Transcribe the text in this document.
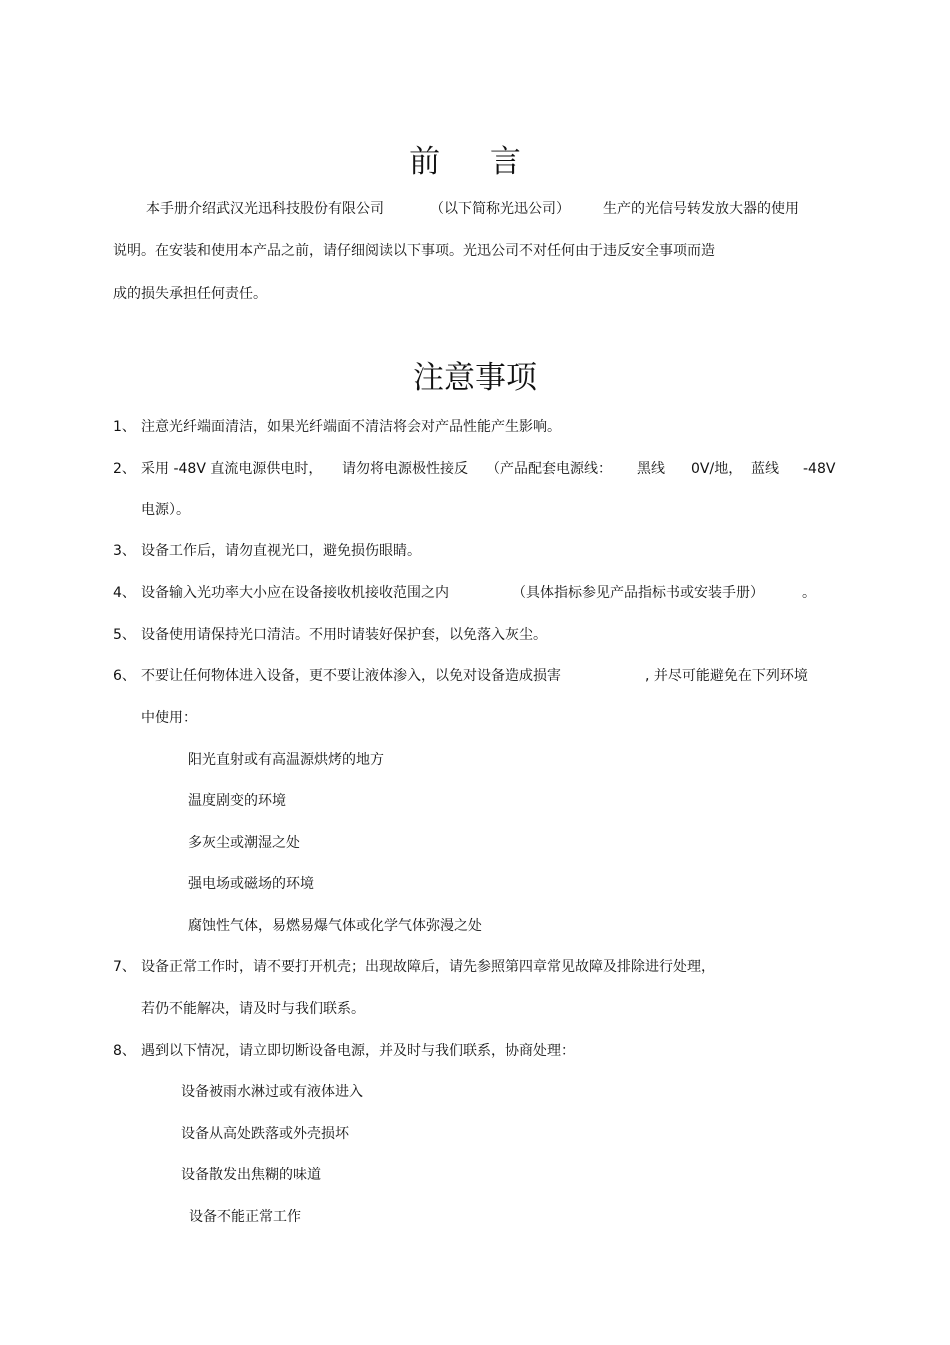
前 言
本手册介绍武汉光迅科技股份有限公司	（以下简称光迅公司） 生产的光信号转发放大器的使用
说明。在安装和使用本产品之前，请仔细阅读以下事项。光迅公司不对任何由于违反安全事项而造
成的损失承担任何责任。
注意事项
1、 注意光纤端面清洁，如果光纤端面不清洁将会对产品性能产生影响。
2、 采用 -48V 直流电源供电时， 请勿将电源极性接反 （产品配套电源线： 黑线 0V/地， 蓝线 -48V
电源）。
3、 设备工作后，请勿直视光口，避免损伤眼睛。
4、 设备输入光功率大小应在设备接收机接收范围之内	（具体指标参见产品指标书或安装手册）	。
5、 设备使用请保持光口清洁。不用时请装好保护套，以免落入灰尘。
6、 不要让任何物体进入设备，更不要让液体渗入，以免对设备造成损害	, 并尽可能避免在下列环境
中使用：
阳光直射或有高温源烘烤的地方
温度剧变的环境
多灰尘或潮湿之处
强电场或磁场的环境
腐蚀性气体，易燃易爆气体或化学气体弥漫之处
7、 设备正常工作时，请不要打开机壳；出现故障后，请先参照第四章常见故障及排除进行处理，
若仍不能解决，请及时与我们联系。
8、 遇到以下情况，请立即切断设备电源，并及时与我们联系，协商处理：
设备被雨水淋过或有液体进入
设备从高处跌落或外壳损坏
设备散发出焦糊的味道
设备不能正常工作
